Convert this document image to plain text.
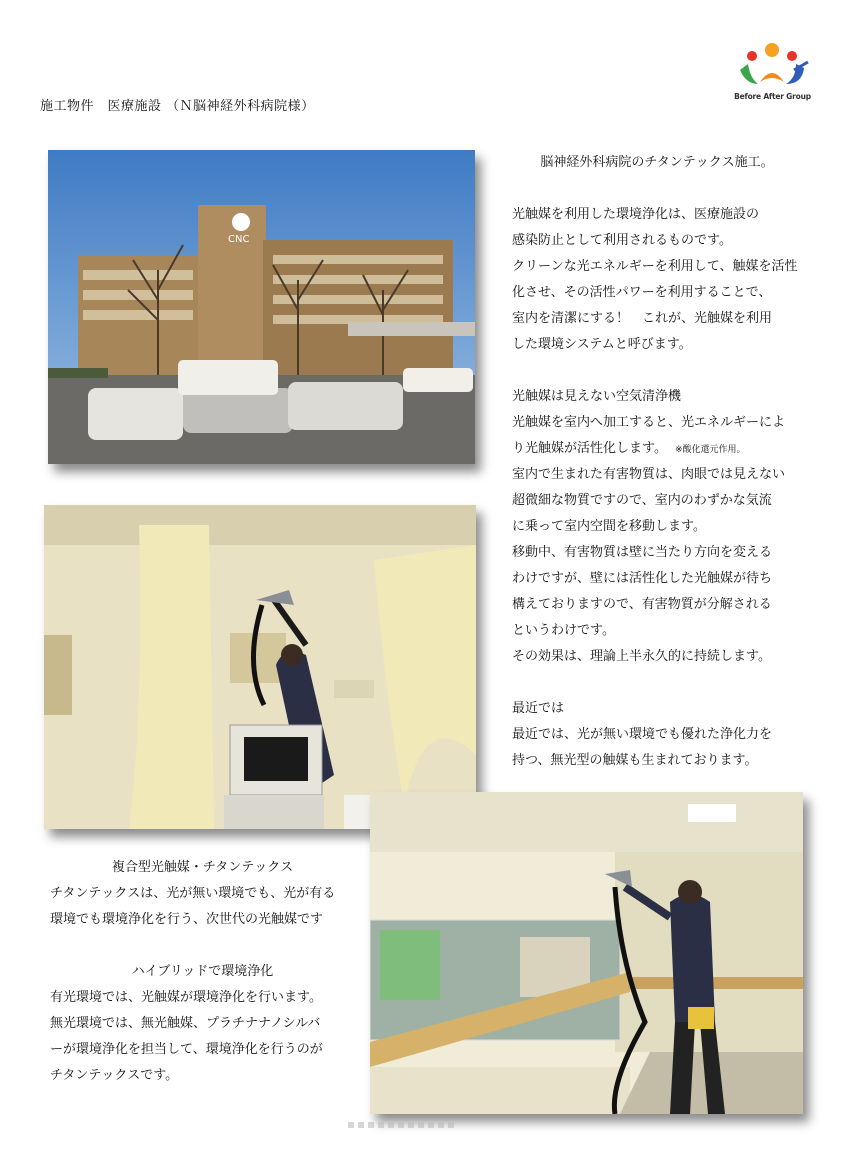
施工物件　医療施設 （Ｎ脳神経外科病院様）
Before After Group
CNC
脳神経外科病院のチタンテックス施工。
光触媒を利用した環境浄化は、医療施設の
感染防止として利用されるものです。
クリーンな光エネルギーを利用して、触媒を活性
化させ、その活性パワーを利用することで、
室内を清潔にする！　これが、光触媒を利用
した環境システムと呼びます。
光触媒は見えない空気清浄機
光触媒を室内へ加工すると、光エネルギーによ
り光触媒が活性化します。 ※酸化還元作用。
室内で生まれた有害物質は、肉眼では見えない
超微細な物質ですので、室内のわずかな気流
に乗って室内空間を移動します。
移動中、有害物質は壁に当たり方向を変える
わけですが、壁には活性化した光触媒が待ち
構えておりますので、有害物質が分解される
というわけです。
その効果は、理論上半永久的に持続します。
最近では
最近では、光が無い環境でも優れた浄化力を
持つ、無光型の触媒も生まれております。
複合型光触媒・チタンテックス
チタンテックスは、光が無い環境でも、光が有る
環境でも環境浄化を行う、次世代の光触媒です
ハイブリッドで環境浄化
有光環境では、光触媒が環境浄化を行います。
無光環境では、無光触媒、プラチナナノシルバ
ーが環境浄化を担当して、環境浄化を行うのが
チタンテックスです。
